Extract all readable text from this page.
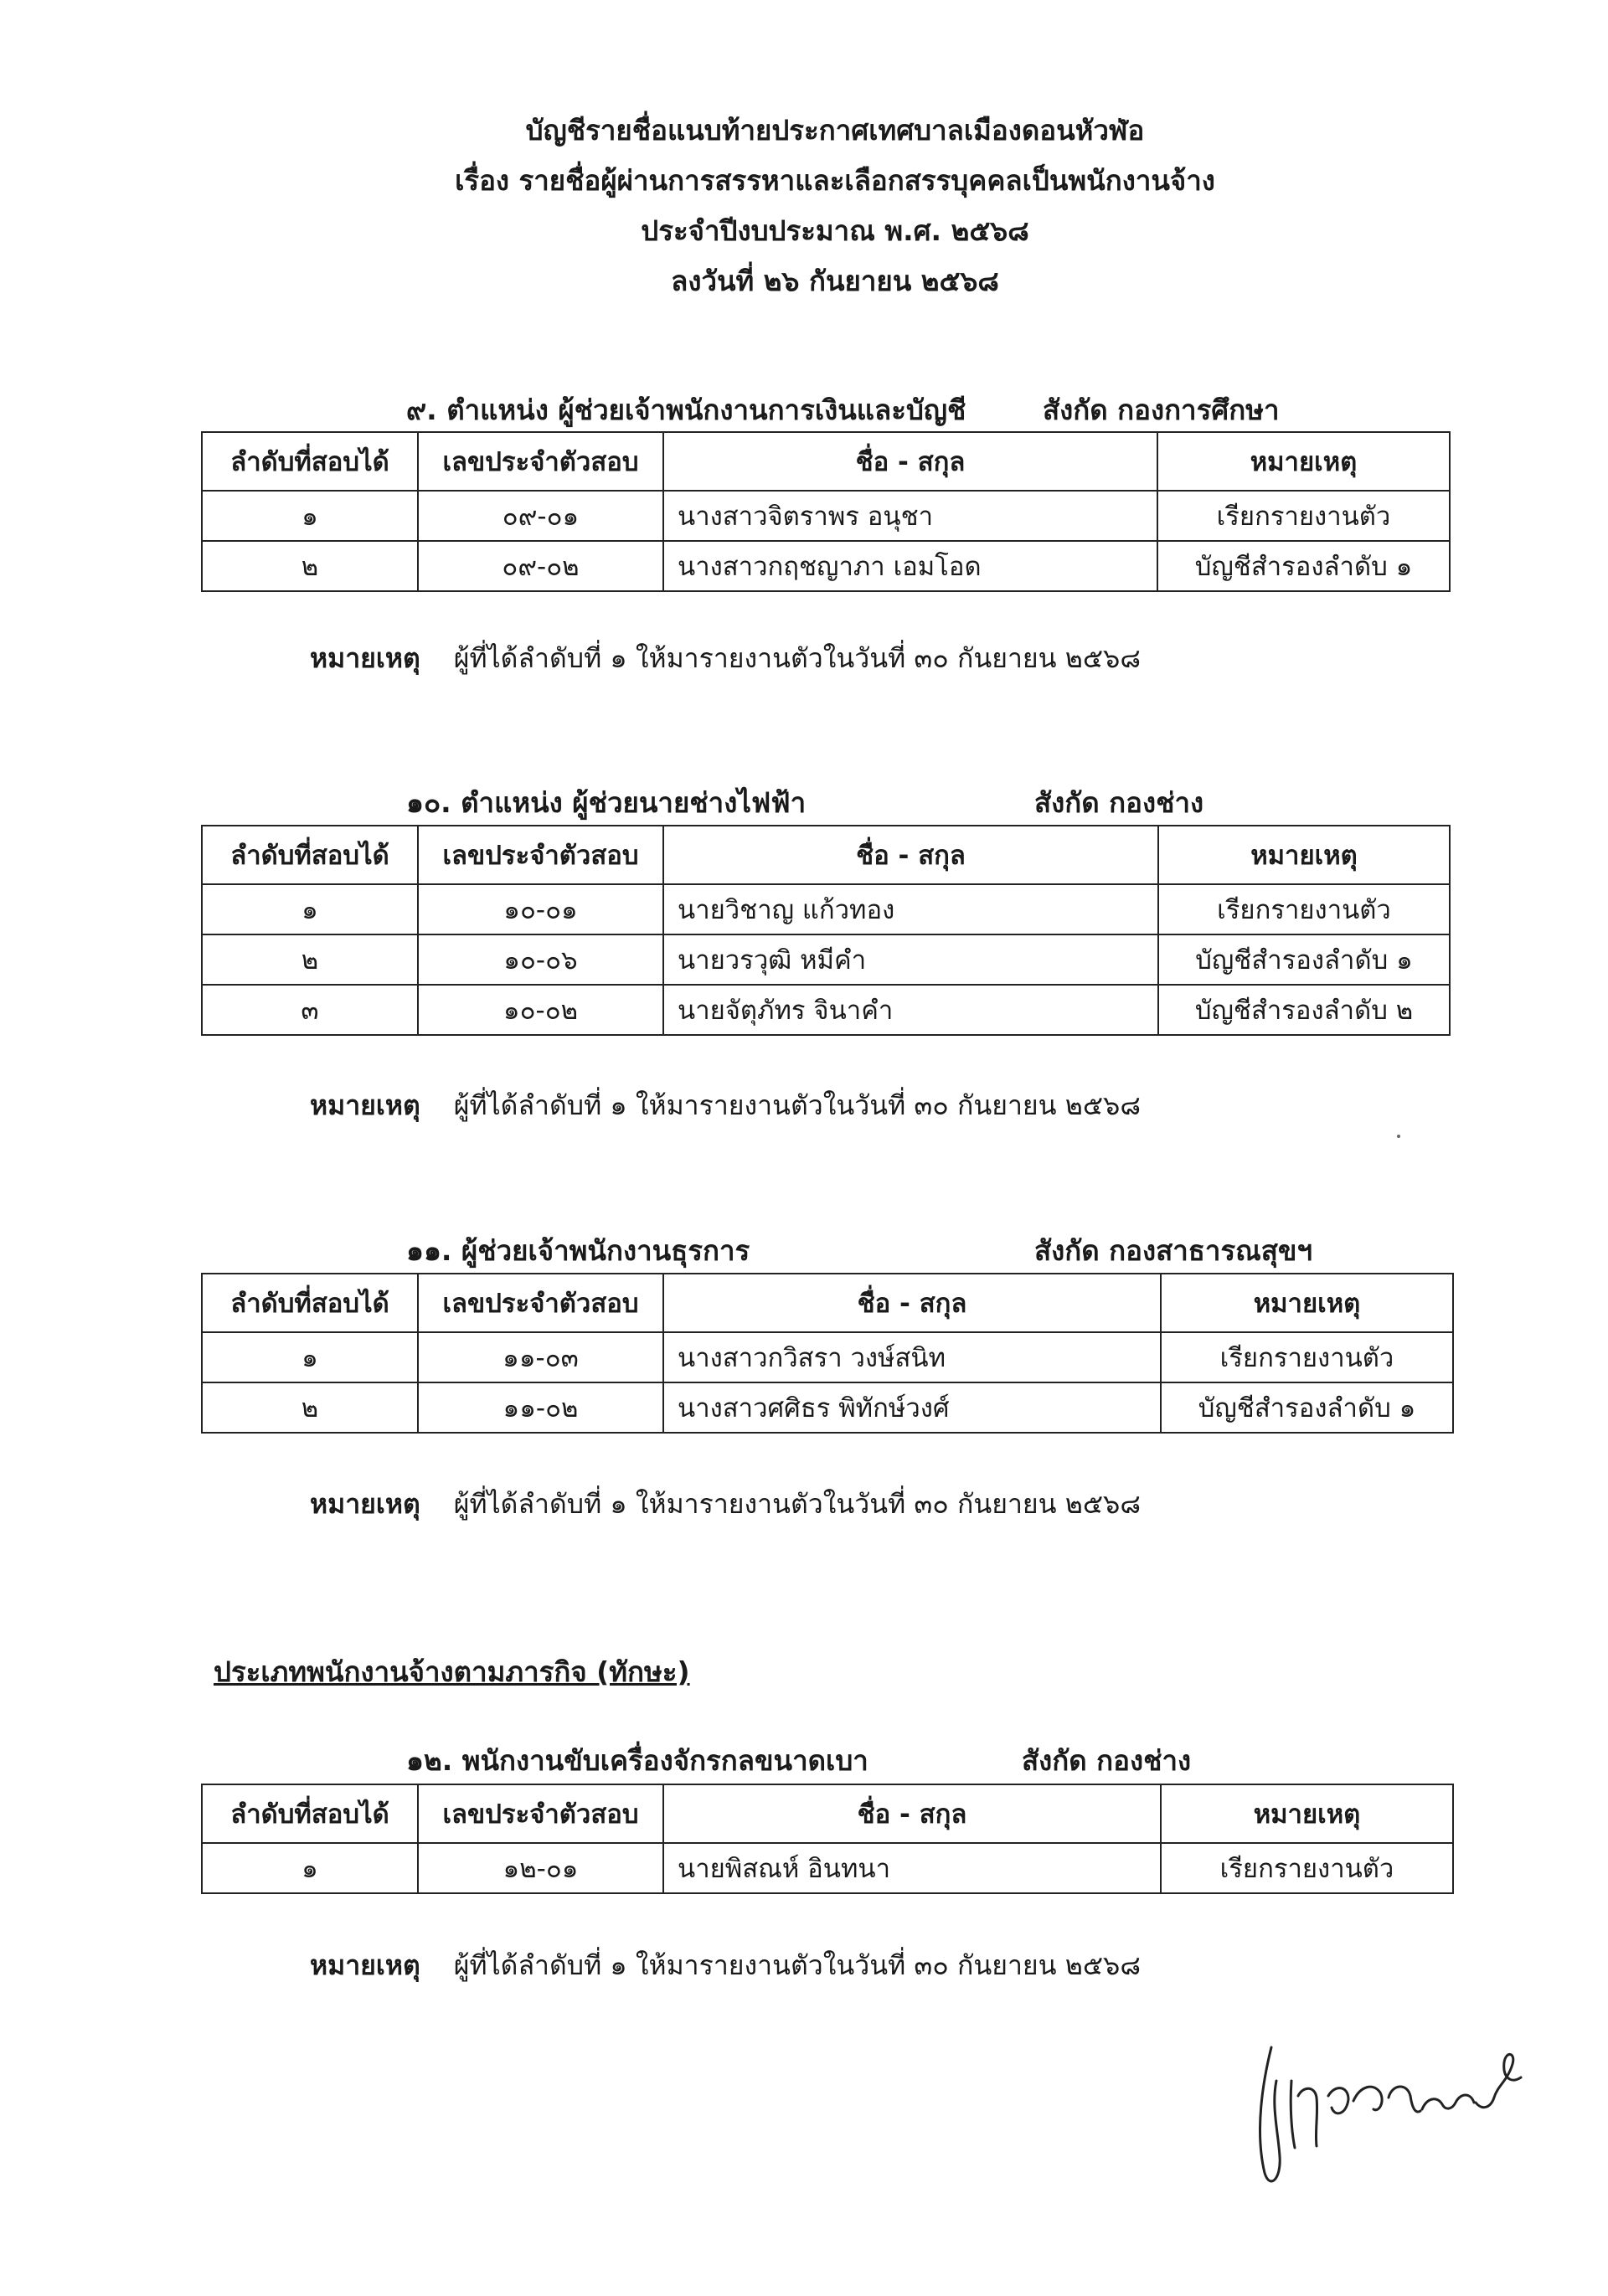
บัญชีรายชื่อแนบท้ายประกาศเทศบาลเมืองดอนหัวฬ่อ
เรื่อง รายชื่อผู้ผ่านการสรรหาและเลือกสรรบุคคลเป็นพนักงานจ้าง
ประจำปีงบประมาณ พ.ศ. ๒๕๖๘
ลงวันที่ ๒๖ กันยายน ๒๕๖๘
๙. ตำแหน่ง ผู้ช่วยเจ้าพนักงานการเงินและบัญชี	สังกัด กองการศึกษา
ลำดับที่สอบได้	เลขประจำตัวสอบ	ชื่อ - สกุล	หมายเหตุ
๑	๐๙-๐๑	นางสาวจิตราพร อนุชา	เรียกรายงานตัว
๒	๐๙-๐๒	นางสาวกฤชญาภา เอมโอด	บัญชีสำรองลำดับ ๑
หมายเหตุ ผู้ที่ได้ลำดับที่ ๑ ให้มารายงานตัวในวันที่ ๓๐ กันยายน ๒๕๖๘
๑๐. ตำแหน่ง ผู้ช่วยนายช่างไฟฟ้า	สังกัด กองช่าง
ลำดับที่สอบได้	เลขประจำตัวสอบ	ชื่อ - สกุล	หมายเหตุ
๑	๑๐-๐๑	นายวิชาญ แก้วทอง	เรียกรายงานตัว
๒	๑๐-๐๖	นายวรวุฒิ หมีคำ	บัญชีสำรองลำดับ ๑
๓	๑๐-๐๒	นายจัตุภัทร จินาคำ	บัญชีสำรองลำดับ ๒
หมายเหตุ ผู้ที่ได้ลำดับที่ ๑ ให้มารายงานตัวในวันที่ ๓๐ กันยายน ๒๕๖๘
๑๑. ผู้ช่วยเจ้าพนักงานธุรการ	สังกัด กองสาธารณสุขฯ
ลำดับที่สอบได้	เลขประจำตัวสอบ	ชื่อ - สกุล	หมายเหตุ
๑	๑๑-๐๓	นางสาวกวิสรา วงษ์สนิท	เรียกรายงานตัว
๒	๑๑-๐๒	นางสาวศศิธร พิทักษ์วงศ์	บัญชีสำรองลำดับ ๑
หมายเหตุ ผู้ที่ได้ลำดับที่ ๑ ให้มารายงานตัวในวันที่ ๓๐ กันยายน ๒๕๖๘
ประเภทพนักงานจ้างตามภารกิจ (ทักษะ)
๑๒. พนักงานขับเครื่องจักรกลขนาดเบา	สังกัด กองช่าง
ลำดับที่สอบได้	เลขประจำตัวสอบ	ชื่อ - สกุล	หมายเหตุ
๑	๑๒-๐๑	นายพิสณห์ อินทนา	เรียกรายงานตัว
หมายเหตุ ผู้ที่ได้ลำดับที่ ๑ ให้มารายงานตัวในวันที่ ๓๐ กันยายน ๒๕๖๘
